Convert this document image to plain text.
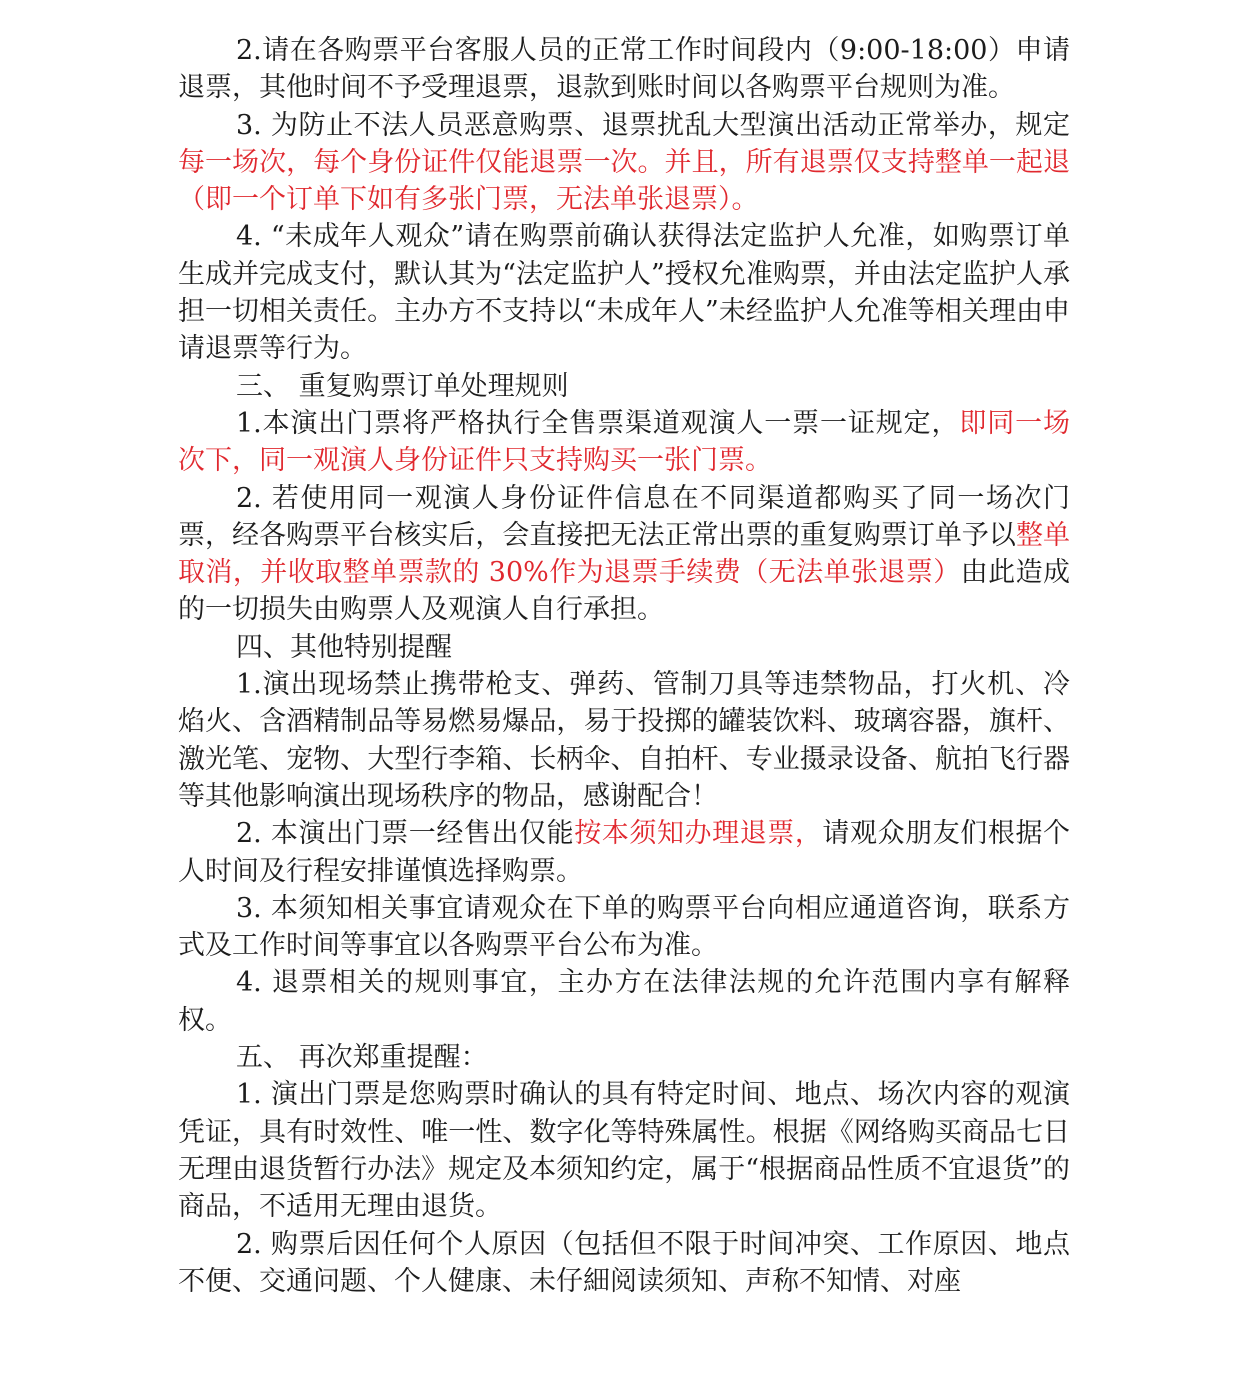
2.请在各购票平台客服人员的正常工作时间段内（9:00-18:00）申请退票，其他时间不予受理退票，退款到账时间以各购票平台规则为准。

3. 为防止不法人员恶意购票、退票扰乱大型演出活动正常举办，规定每一场次，每个身份证件仅能退票一次。并且，所有退票仅支持整单一起退（即一个订单下如有多张门票，无法单张退票）。

4. “未成年人观众”请在购票前确认获得法定监护人允准，如购票订单生成并完成支付，默认其为“法定监护人”授权允准购票，并由法定监护人承担一切相关责任。主办方不支持以“未成年人”未经监护人允准等相关理由申请退票等行为。

三、 重复购票订单处理规则

1.本演出门票将严格执行全售票渠道观演人一票一证规定，即同一场次下，同一观演人身份证件只支持购买一张门票。

2. 若使用同一观演人身份证件信息在不同渠道都购买了同一场次门票，经各购票平台核实后，会直接把无法正常出票的重复购票订单予以整单取消，并收取整单票款的 30%作为退票手续费（无法单张退票）由此造成的一切损失由购票人及观演人自行承担。

四、其他特别提醒

1.演出现场禁止携带枪支、弹药、管制刀具等违禁物品，打火机、冷焰火、含酒精制品等易燃易爆品，易于投掷的罐装饮料、玻璃容器，旗杆、激光笔、宠物、大型行李箱、长柄伞、自拍杆、专业摄录设备、航拍飞行器等其他影响演出现场秩序的物品，感谢配合！

2. 本演出门票一经售出仅能按本须知办理退票，请观众朋友们根据个人时间及行程安排谨慎选择购票。

3. 本须知相关事宜请观众在下单的购票平台向相应通道咨询，联系方式及工作时间等事宜以各购票平台公布为准。

4. 退票相关的规则事宜，主办方在法律法规的允许范围内享有解释权。

五、 再次郑重提醒：

1. 演出门票是您购票时确认的具有特定时间、地点、场次内容的观演凭证，具有时效性、唯一性、数字化等特殊属性。根据《网络购买商品七日无理由退货暂行办法》规定及本须知约定，属于“根据商品性质不宜退货”的商品，不适用无理由退货。

2. 购票后因任何个人原因（包括但不限于时间冲突、工作原因、地点不便、交通问题、个人健康、未仔細阅读须知、声称不知情、对座
